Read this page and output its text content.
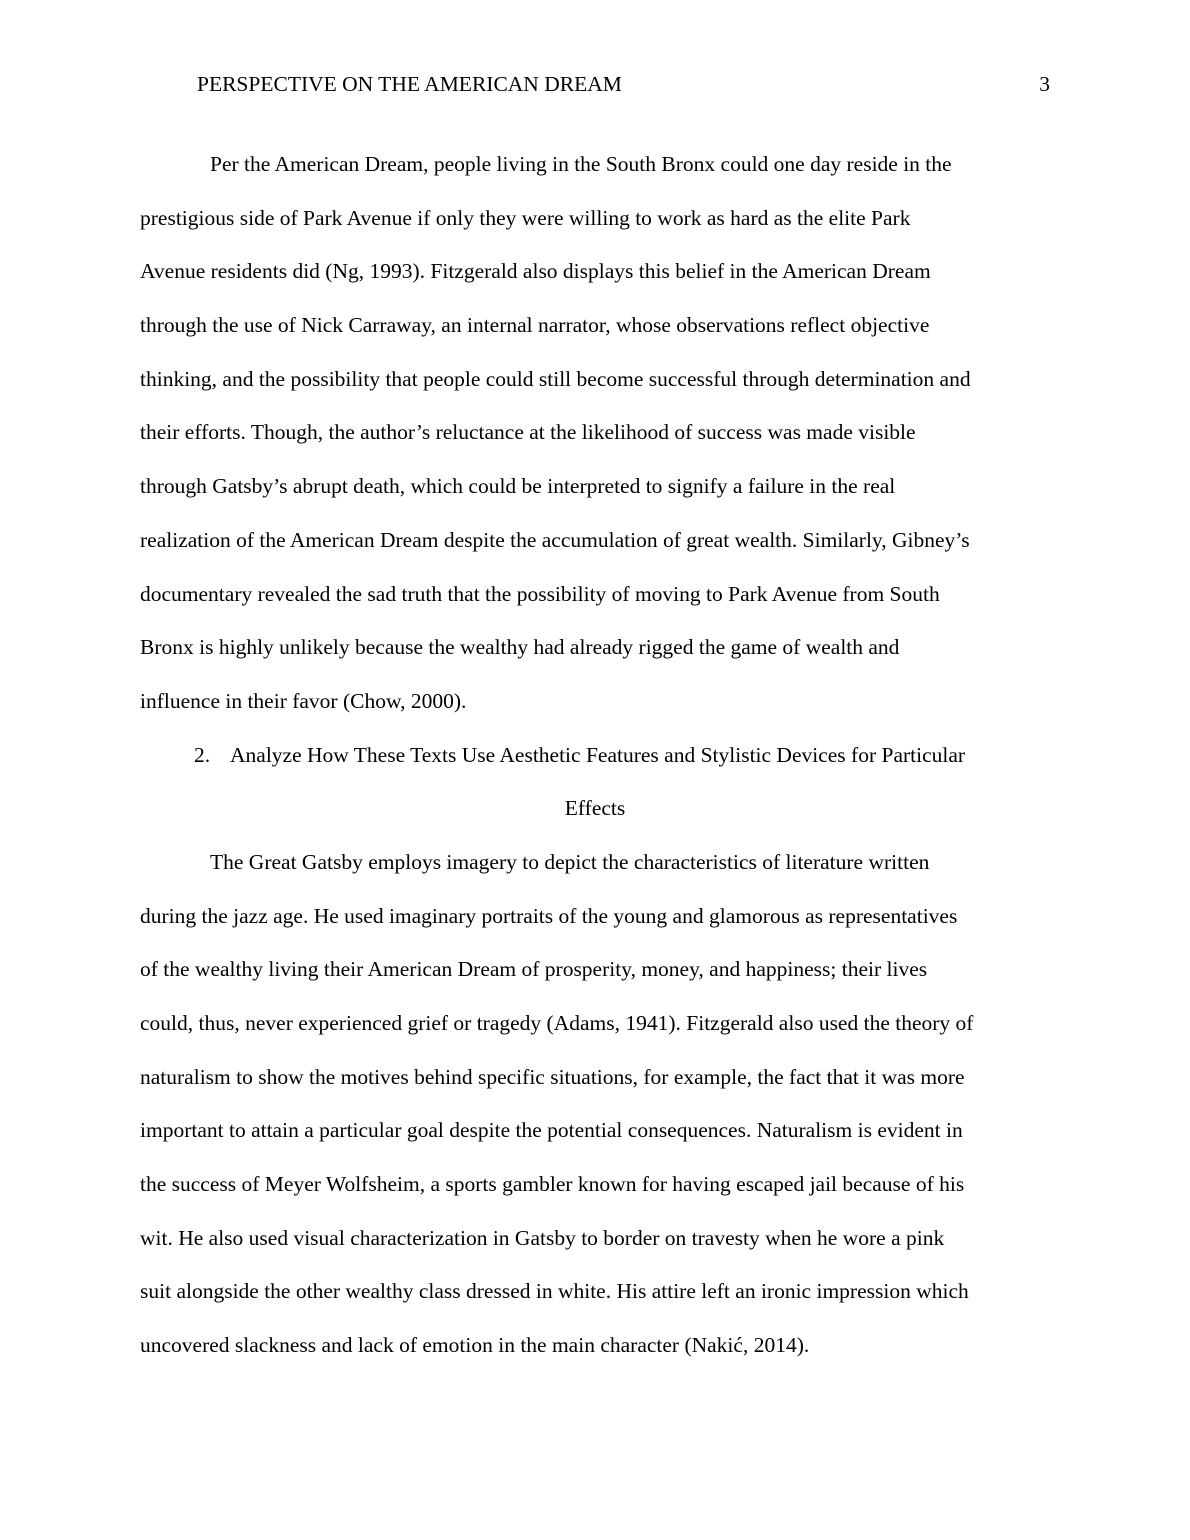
PERSPECTIVE ON THE AMERICAN DREAM	3
Per the American Dream, people living in the South Bronx could one day reside in the
prestigious side of Park Avenue if only they were willing to work as hard as the elite Park
Avenue residents did (Ng, 1993). Fitzgerald also displays this belief in the American Dream
through the use of Nick Carraway, an internal narrator, whose observations reflect objective
thinking, and the possibility that people could still become successful through determination and
their efforts. Though, the author’s reluctance at the likelihood of success was made visible
through Gatsby’s abrupt death, which could be interpreted to signify a failure in the real
realization of the American Dream despite the accumulation of great wealth. Similarly, Gibney’s
documentary revealed the sad truth that the possibility of moving to Park Avenue from South
Bronx is highly unlikely because the wealthy had already rigged the game of wealth and
influence in their favor (Chow, 2000).
2. Analyze How These Texts Use Aesthetic Features and Stylistic Devices for Particular
Effects
The Great Gatsby employs imagery to depict the characteristics of literature written
during the jazz age. He used imaginary portraits of the young and glamorous as representatives
of the wealthy living their American Dream of prosperity, money, and happiness; their lives
could, thus, never experienced grief or tragedy (Adams, 1941). Fitzgerald also used the theory of
naturalism to show the motives behind specific situations, for example, the fact that it was more
important to attain a particular goal despite the potential consequences. Naturalism is evident in
the success of Meyer Wolfsheim, a sports gambler known for having escaped jail because of his
wit. He also used visual characterization in Gatsby to border on travesty when he wore a pink
suit alongside the other wealthy class dressed in white. His attire left an ironic impression which
uncovered slackness and lack of emotion in the main character (Nakić, 2014).
